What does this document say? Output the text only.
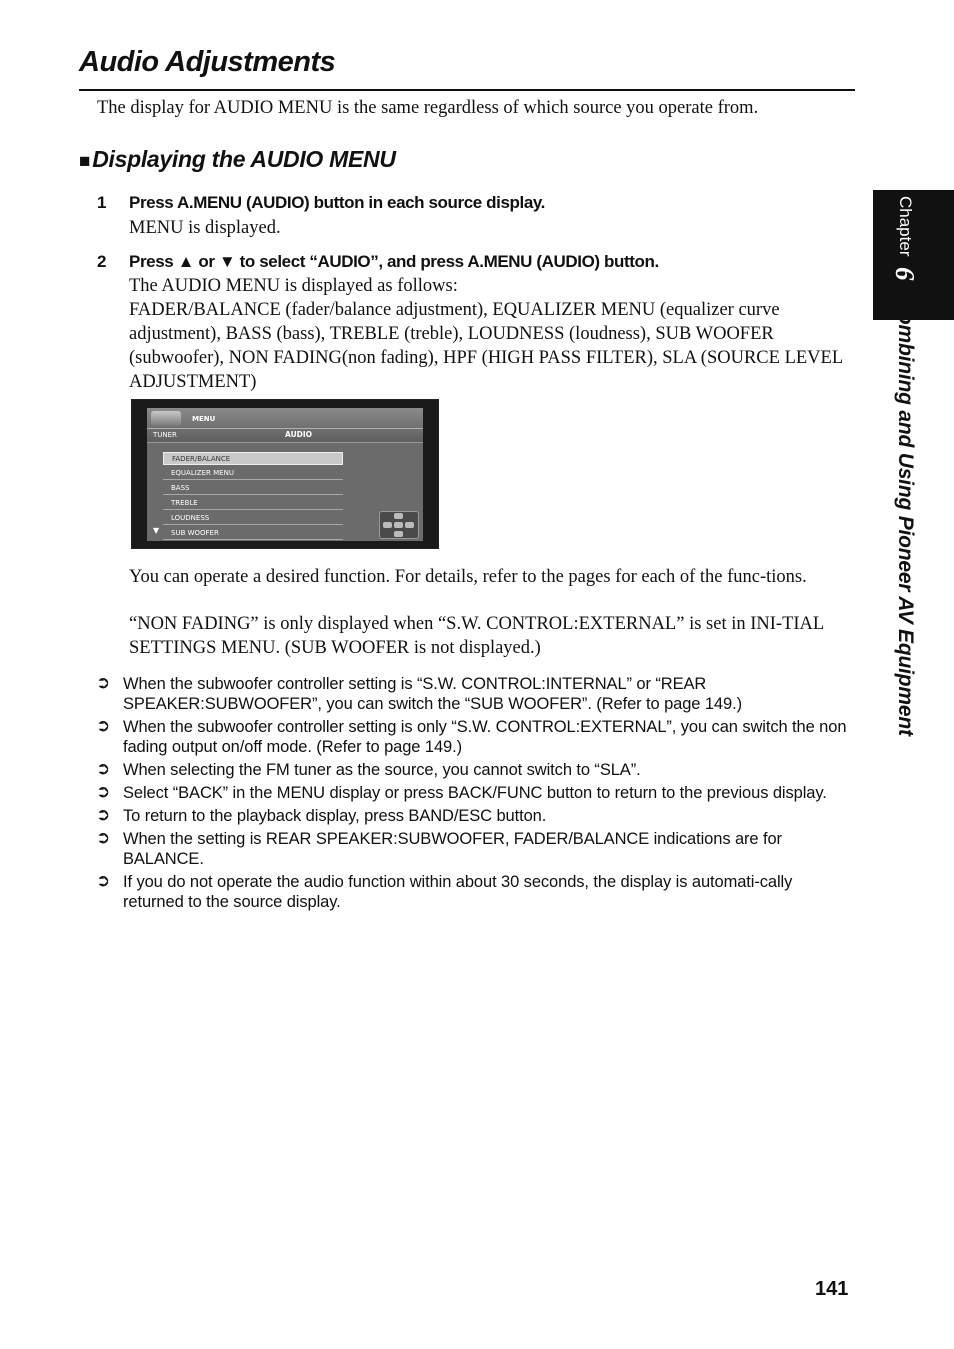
Audio Adjustments

The display for AUDIO MENU is the same regardless of which source you operate from.

■Displaying the AUDIO MENU
1 Press A.MENU (AUDIO) button in each source display.

MENU is displayed.

2 Press ▲ or ▼ to select “AUDIO”, and press A.MENU (AUDIO) button.

The AUDIO MENU is displayed as follows:

FADER/BALANCE (fader/balance adjustment), EQUALIZER MENU (equalizer curve adjustment), BASS (bass), TREBLE (treble), LOUDNESS (loudness), SUB WOOFER (subwoofer), NON FADING(non fading), HPF (HIGH PASS FILTER), SLA (SOURCE LEVEL ADJUSTMENT)

MENU
TUNER	AUDIO
FADER/BALANCE
EQUALIZER MENU
BASS
TREBLE
LOUDNESS
SUB WOOFER
▼

You can operate a desired function. For details, refer to the pages for each of the func-tions.

“NON FADING” is only displayed when “S.W. CONTROL:EXTERNAL” is set in INI-TIAL SETTINGS MENU. (SUB WOOFER is not displayed.)

➲ When the subwoofer controller setting is “S.W. CONTROL:INTERNAL” or “REAR SPEAKER:SUBWOOFER”, you can switch the “SUB WOOFER”. (Refer to page 149.)
➲ When the subwoofer controller setting is only “S.W. CONTROL:EXTERNAL”, you can switch the non fading output on/off mode. (Refer to page 149.)
➲ When selecting the FM tuner as the source, you cannot switch to “SLA”.
➲ Select “BACK” in the MENU display or press BACK/FUNC button to return to the previous display.
➲ To return to the playback display, press BAND/ESC button.
➲ When the setting is REAR SPEAKER:SUBWOOFER, FADER/BALANCE indications are for BALANCE.
➲ If you do not operate the audio function within about 30 seconds, the display is automati-cally returned to the source display.
Chapter 6 Combining and Using Pioneer AV Equipment
141
